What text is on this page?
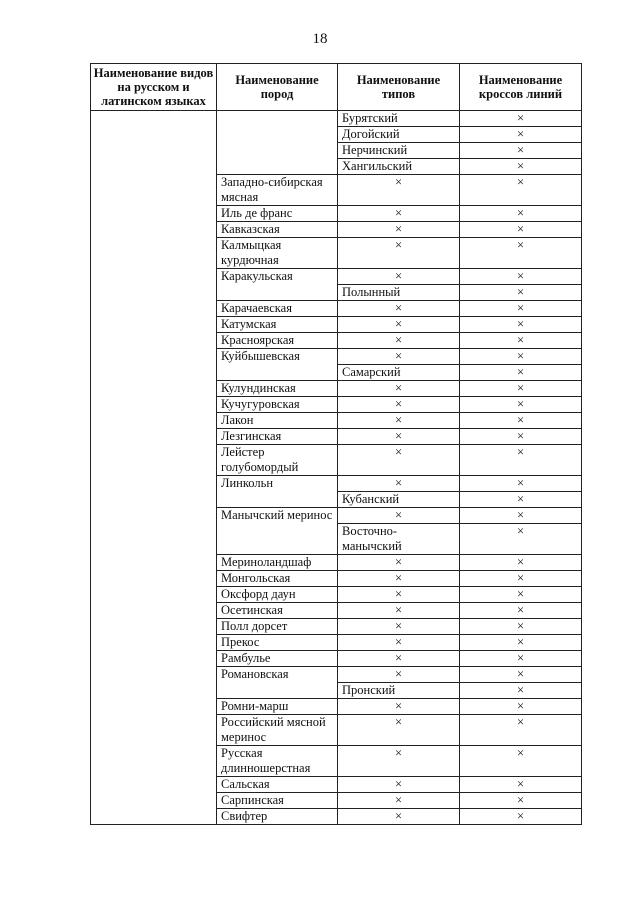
18
Наименование видов на русском и латинском языках	Наименование пород	Наименование типов	Наименование кроссов линий
		Бурятский	×
		Догойский	×
		Нерчинский	×
		Хангильский	×
	Западно-сибирская мясная	×	×
	Иль де франс	×	×
	Кавказская	×	×
	Калмыцкая курдючная	×	×
	Каракульская	×	×
		Полынный	×
	Карачаевская	×	×
	Катумская	×	×
	Красноярская	×	×
	Куйбышевская	×	×
		Самарский	×
	Кулундинская	×	×
	Кучугуровская	×	×
	Лакон	×	×
	Лезгинская	×	×
	Лейстер голубомордый	×	×
	Линкольн	×	×
		Кубанский	×
	Манычский меринос	×	×
		Восточно-манычский	×
	Мериноландшаф	×	×
	Монгольская	×	×
	Оксфорд даун	×	×
	Осетинская	×	×
	Полл дорсет	×	×
	Прекос	×	×
	Рамбулье	×	×
	Романовская	×	×
		Пронский	×
	Ромни-марш	×	×
	Российский мясной меринос	×	×
	Русская длинношерстная	×	×
	Сальская	×	×
	Сарпинская	×	×
	Свифтер	×	×
